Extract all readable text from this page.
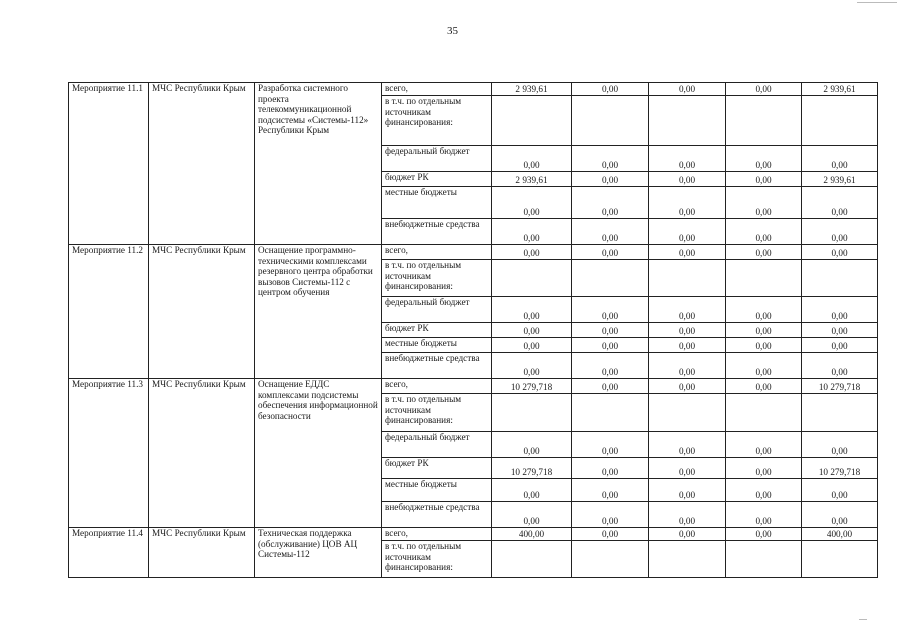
35
Мероприятие 11.1	МЧС Республики Крым	Разработка системного проекта телекоммуникационной подсистемы «Системы-112» Республики Крым	всего,	2 939,61	0,00	0,00	0,00	2 939,61
			в т.ч. по отдельным источникам финансирования:					
			федеральный бюджет	0,00	0,00	0,00	0,00	0,00
			бюджет РК	2 939,61	0,00	0,00	0,00	2 939,61
			местные бюджеты	0,00	0,00	0,00	0,00	0,00
			внебюджетные средства	0,00	0,00	0,00	0,00	0,00
Мероприятие 11.2	МЧС Республики Крым	Оснащение программно-техническими комплексами резервного центра обработки вызовов Системы-112 с центром обучения	всего,	0,00	0,00	0,00	0,00	0,00
			в т.ч. по отдельным источникам финансирования:					
			федеральный бюджет	0,00	0,00	0,00	0,00	0,00
			бюджет РК	0,00	0,00	0,00	0,00	0,00
			местные бюджеты	0,00	0,00	0,00	0,00	0,00
			внебюджетные средства	0,00	0,00	0,00	0,00	0,00
Мероприятие 11.3	МЧС Республики Крым	Оснащение ЕДДС комплексами подсистемы обеспечения информационной безопасности	всего,	10 279,718	0,00	0,00	0,00	10 279,718
			в т.ч. по отдельным источникам финансирования:					
			федеральный бюджет	0,00	0,00	0,00	0,00	0,00
			бюджет РК	10 279,718	0,00	0,00	0,00	10 279,718
			местные бюджеты	0,00	0,00	0,00	0,00	0,00
			внебюджетные средства	0,00	0,00	0,00	0,00	0,00
Мероприятие 11.4	МЧС Республики Крым	Техническая поддержка (обслуживание) ЦОВ АЦ Системы-112	всего,	400,00	0,00	0,00	0,00	400,00
			в т.ч. по отдельным источникам финансирования:					
